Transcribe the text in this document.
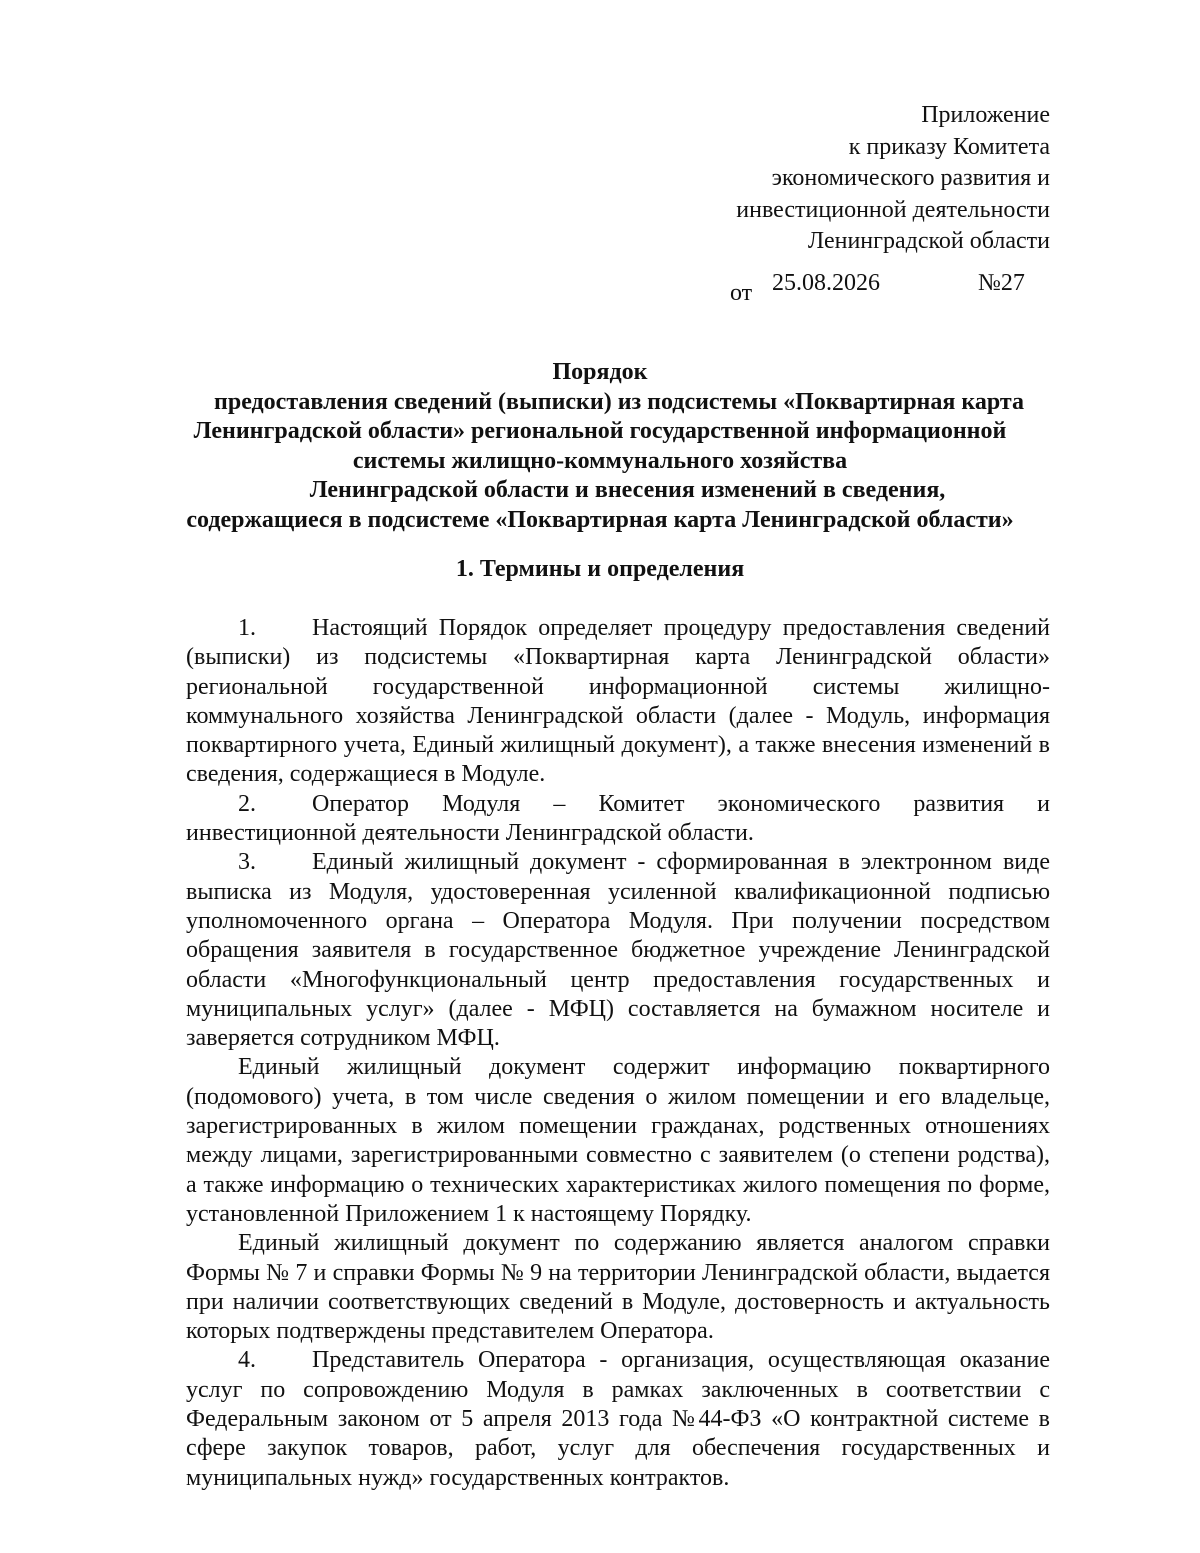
Приложение
к приказу Комитета
экономического развития и
инвестиционной деятельности
Ленинградской области
от 25.08.2026	№27
Порядок
предоставления сведений (выписки) из подсистемы «Поквартирная карта
Ленинградской области» региональной государственной информационной
системы жилищно-коммунального хозяйства
Ленинградской области и внесения изменений в сведения,
содержащиеся в подсистеме «Поквартирная карта Ленинградской области»
1. Термины и определения

1. Настоящий Порядок определяет процедуру предоставления сведений (выписки) из подсистемы «Поквартирная карта Ленинградской области» региональной государственной информационной системы жилищно-коммунального хозяйства Ленинградской области (далее - Модуль, информация поквартирного учета, Единый жилищный документ), а также внесения изменений в сведения, содержащиеся в Модуле.

2. Оператор Модуля – Комитет экономического развития и инвестиционной деятельности Ленинградской области.

3. Единый жилищный документ - сформированная в электронном виде выписка из Модуля, удостоверенная усиленной квалификационной подписью уполномоченного органа – Оператора Модуля. При получении посредством обращения заявителя в государственное бюджетное учреждение Ленинградской области «Многофункциональный центр предоставления государственных и муниципальных услуг» (далее - МФЦ) составляется на бумажном носителе и заверяется сотрудником МФЦ.

Единый жилищный документ содержит информацию поквартирного (подомового) учета, в том числе сведения о жилом помещении и его владельце, зарегистрированных в жилом помещении гражданах, родственных отношениях между лицами, зарегистрированными совместно с заявителем (о степени родства), а также информацию о технических характеристиках жилого помещения по форме, установленной Приложением 1 к настоящему Порядку.

Единый жилищный документ по содержанию является аналогом справки Формы № 7 и справки Формы № 9 на территории Ленинградской области, выдается при наличии соответствующих сведений в Модуле, достоверность и актуальность которых подтверждены представителем Оператора.

4. Представитель Оператора - организация, осуществляющая оказание услуг по сопровождению Модуля в рамках заключенных в соответствии с Федеральным законом от 5 апреля 2013 года №44-ФЗ «О контрактной системе в сфере закупок товаров, работ, услуг для обеспечения государственных и муниципальных нужд» государственных контрактов.
